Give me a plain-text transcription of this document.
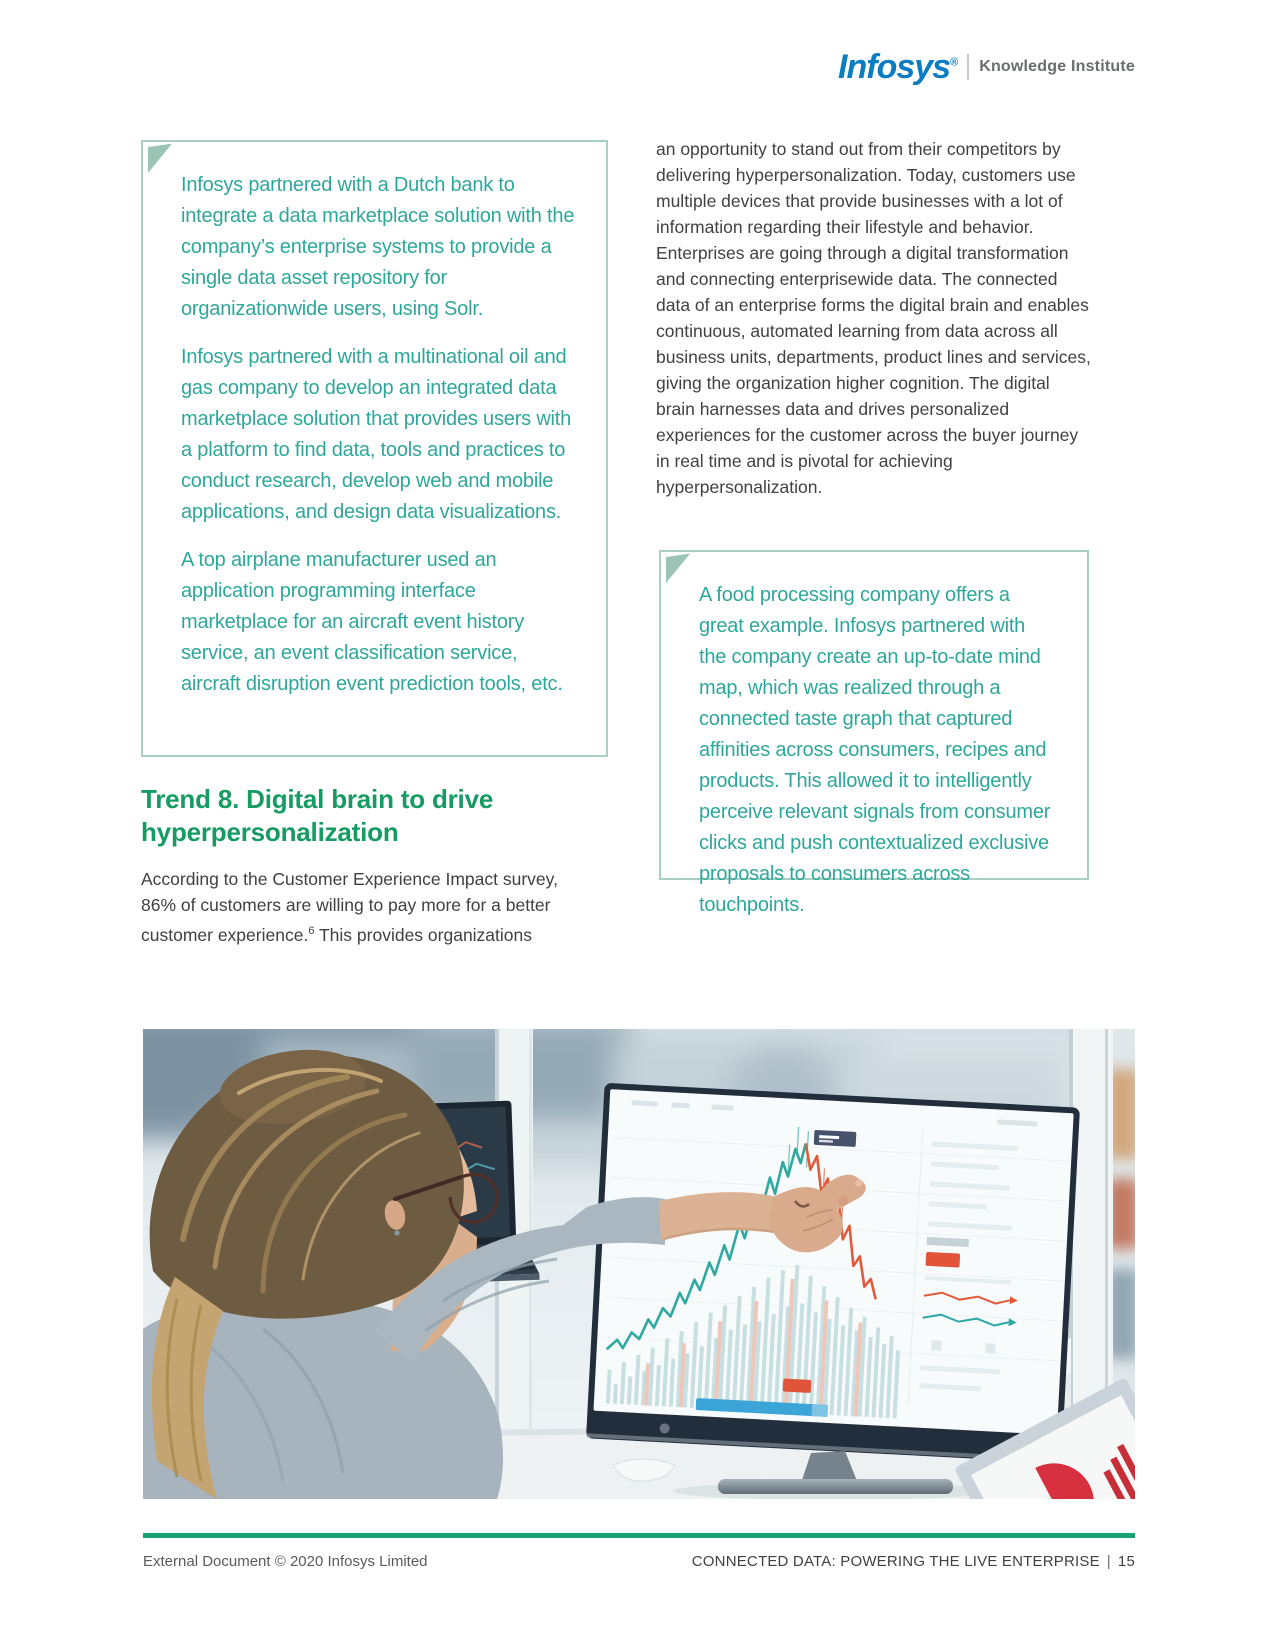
Infosys® Knowledge Institute

Infosys partnered with a Dutch bank to integrate a data marketplace solution with the company’s enterprise systems to provide a single data asset repository for organizationwide users, using Solr.

Infosys partnered with a multinational oil and gas company to develop an integrated data marketplace solution that provides users with a platform to find data, tools and practices to conduct research, develop web and mobile applications, and design data visualizations.

A top airplane manufacturer used an application programming interface marketplace for an aircraft event history service, an event classification service, aircraft disruption event prediction tools, etc.

Trend 8. Digital brain to drive hyperpersonalization

According to the Customer Experience Impact survey, 86% of customers are willing to pay more for a better customer experience.$^6$ This provides organizations

an opportunity to stand out from their competitors by delivering hyperpersonalization. Today, customers use multiple devices that provide businesses with a lot of information regarding their lifestyle and behavior. Enterprises are going through a digital transformation and connecting enterprisewide data. The connected data of an enterprise forms the digital brain and enables continuous, automated learning from data across all business units, departments, product lines and services, giving the organization higher cognition. The digital brain harnesses data and drives personalized experiences for the customer across the buyer journey in real time and is pivotal for achieving hyperpersonalization.

A food processing company offers a great example. Infosys partnered with the company create an up-to-date mind map, which was realized through a connected taste graph that captured affinities across consumers, recipes and products. This allowed it to intelligently perceive relevant signals from consumer clicks and push contextualized exclusive proposals to consumers across touchpoints.

External Document © 2020 Infosys Limited	CONNECTED DATA: POWERING THE LIVE ENTERPRISE | 15
